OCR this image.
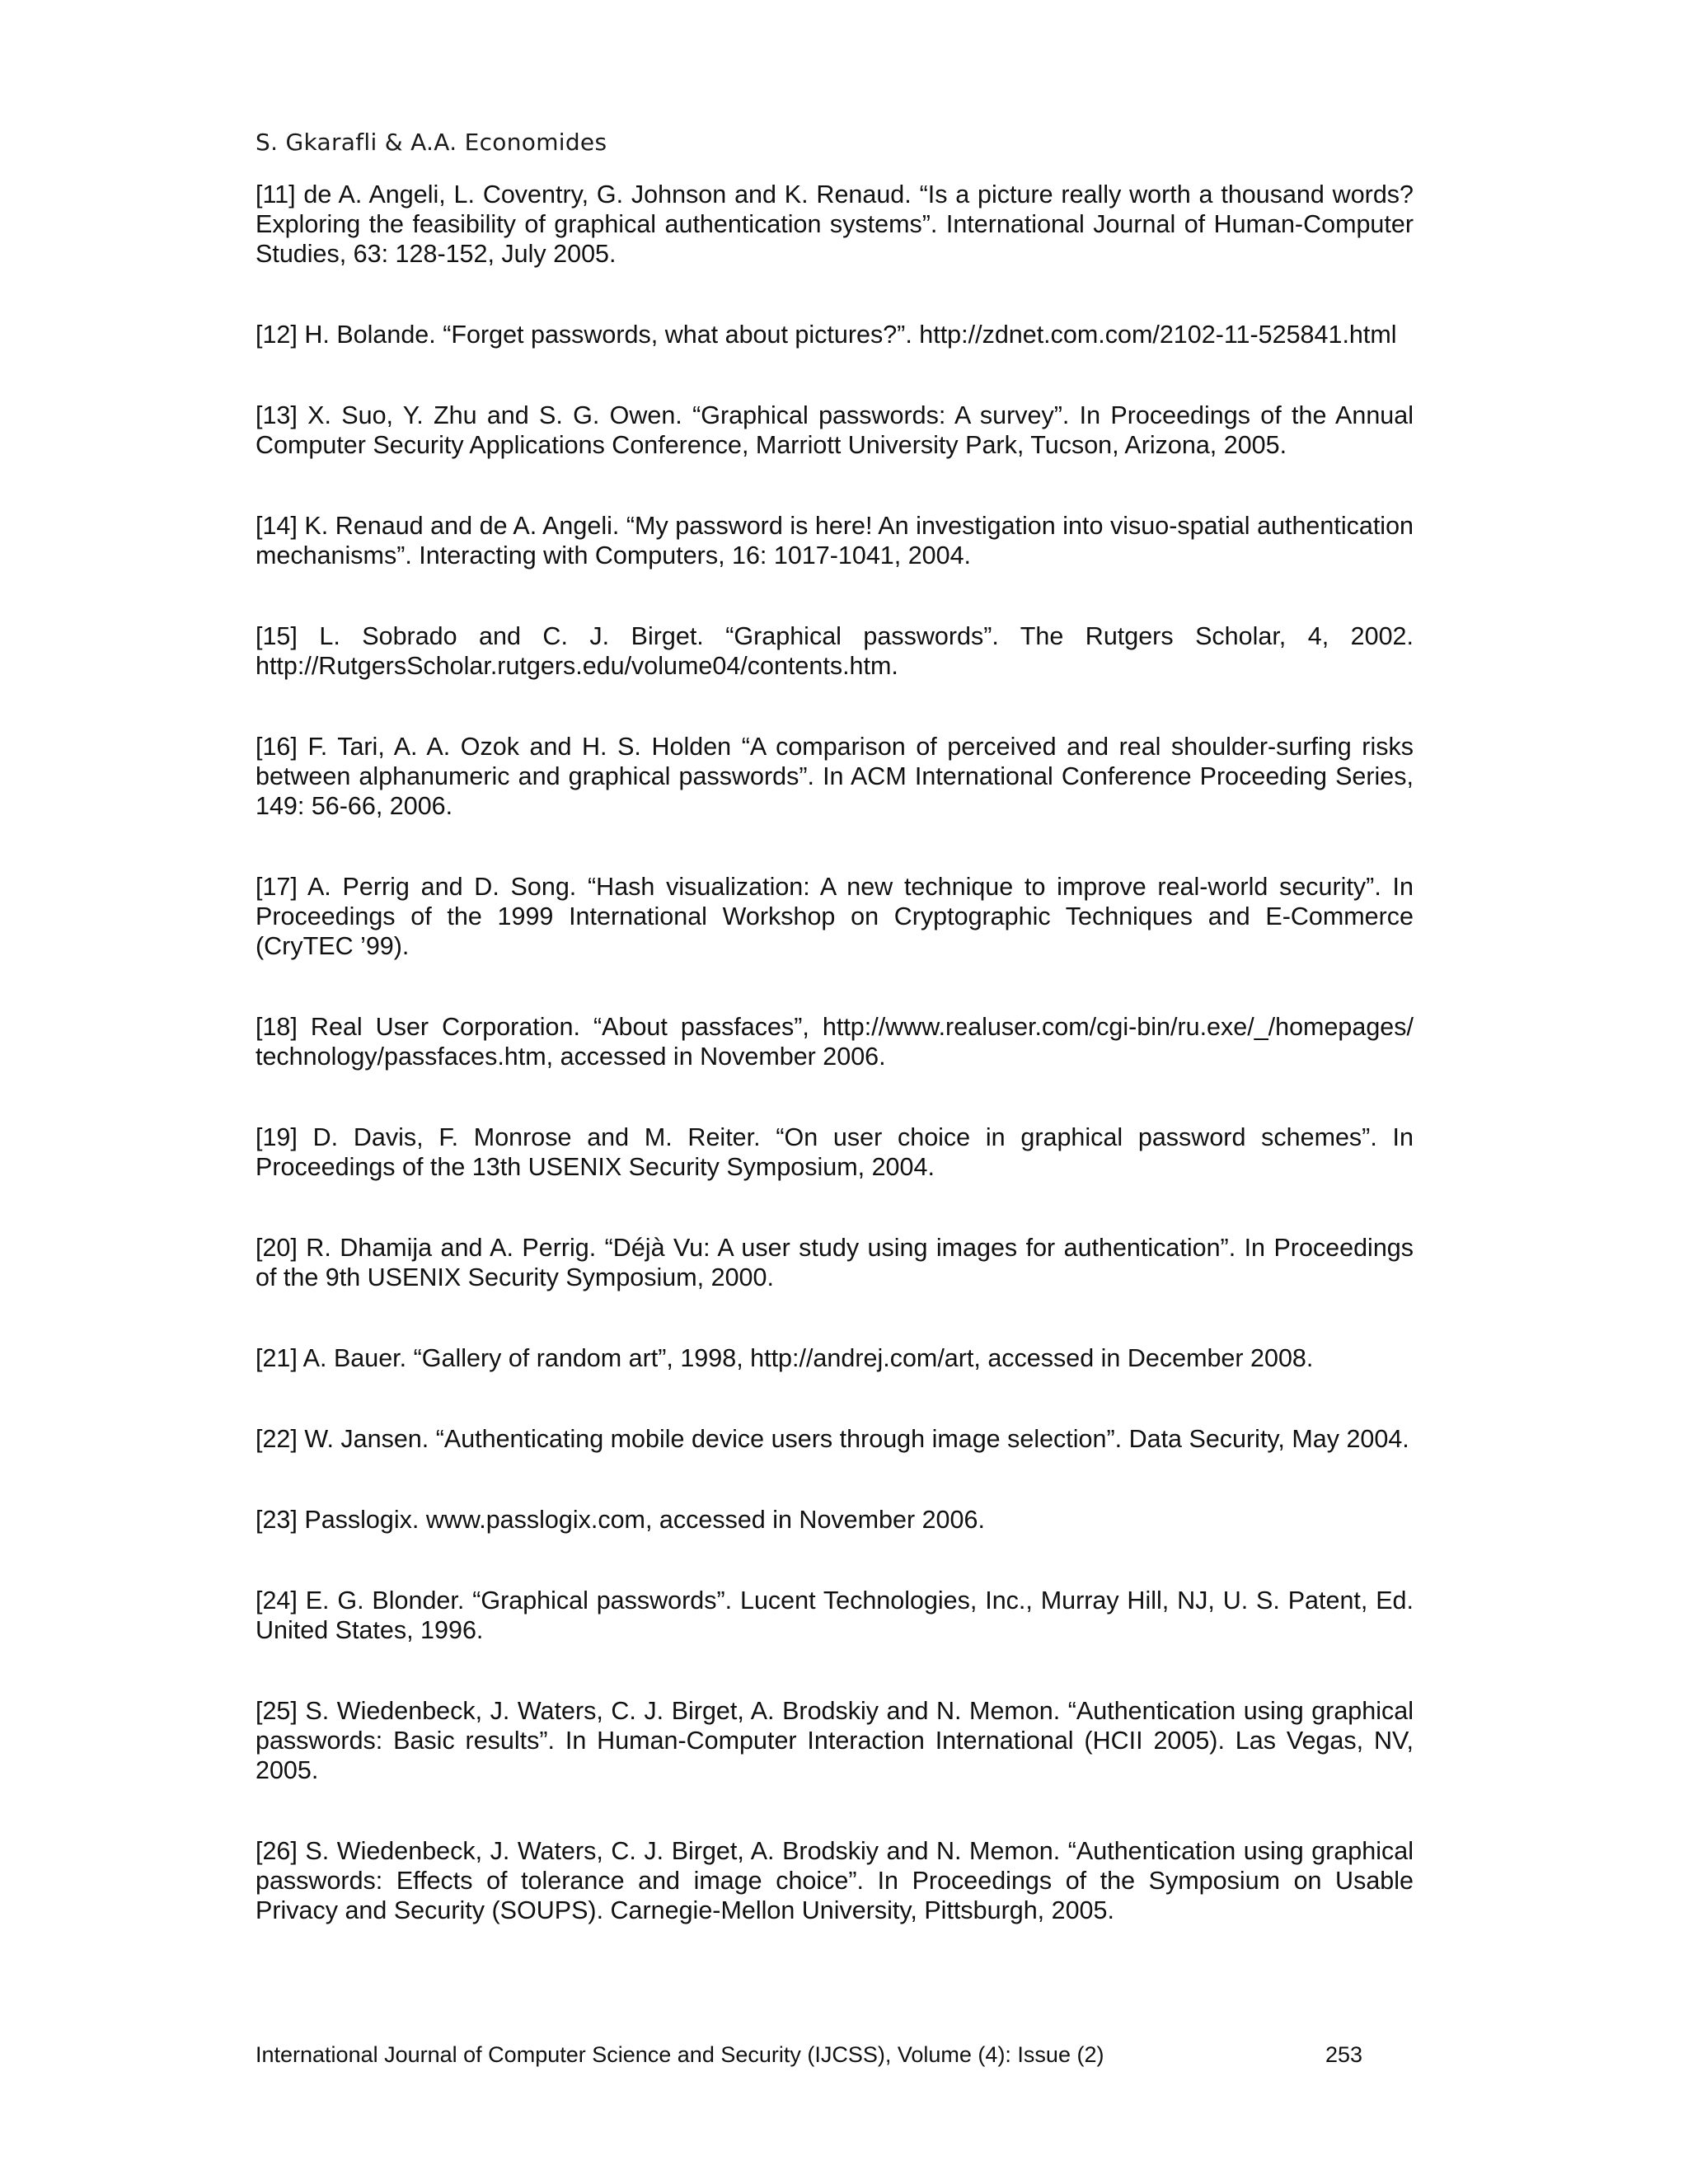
S. Gkarafli & A.A. Economides
[11] de A. Angeli, L. Coventry, G. Johnson and K. Renaud. “Is a picture really worth a thousand words? Exploring the feasibility of graphical authentication systems”. International Journal of Human-Computer Studies, 63: 128-152, July 2005.
[12] H. Bolande. “Forget passwords, what about pictures?”. http://zdnet.com.com/2102-11-525841.html
[13] X. Suo, Y. Zhu and S. G. Owen. “Graphical passwords: A survey”. In Proceedings of the Annual Computer Security Applications Conference, Marriott University Park, Tucson, Arizona, 2005.
[14] K. Renaud and de A. Angeli. “My password is here! An investigation into visuo-spatial authentication mechanisms”. Interacting with Computers, 16: 1017-1041, 2004.
[15] L. Sobrado and C. J. Birget. “Graphical passwords”. The Rutgers Scholar, 4, 2002. http://RutgersScholar.rutgers.edu/volume04/contents.htm.
[16] F. Tari, A. A. Ozok and H. S. Holden “A comparison of perceived and real shoulder-surfing risks between alphanumeric and graphical passwords”. In ACM International Conference Proceeding Series, 149: 56-66, 2006.
[17] A. Perrig and D. Song. “Hash visualization: A new technique to improve real-world security”. In Proceedings of the 1999 International Workshop on Cryptographic Techniques and E-Commerce (CryTEC ’99).
[18] Real User Corporation. “About passfaces”, http://www.realuser.com/cgi-bin/ru.exe/_/homepages/ technology/passfaces.htm, accessed in November 2006.
[19] D. Davis, F. Monrose and M. Reiter. “On user choice in graphical password schemes”. In Proceedings of the 13th USENIX Security Symposium, 2004.
[20] R. Dhamija and A. Perrig. “Déjà Vu: A user study using images for authentication”. In Proceedings of the 9th USENIX Security Symposium, 2000.
[21] A. Bauer. “Gallery of random art”, 1998, http://andrej.com/art, accessed in December 2008.
[22] W. Jansen. “Authenticating mobile device users through image selection”. Data Security, May 2004.
[23] Passlogix. www.passlogix.com, accessed in November 2006.
[24] E. G. Blonder. “Graphical passwords”. Lucent Technologies, Inc., Murray Hill, NJ, U. S. Patent, Ed. United States, 1996.
[25] S. Wiedenbeck, J. Waters, C. J. Birget, A. Brodskiy and N. Memon. “Authentication using graphical passwords: Basic results”. In Human-Computer Interaction International (HCII 2005). Las Vegas, NV, 2005.
[26] S. Wiedenbeck, J. Waters, C. J. Birget, A. Brodskiy and N. Memon. “Authentication using graphical passwords: Effects of tolerance and image choice”. In Proceedings of the Symposium on Usable Privacy and Security (SOUPS). Carnegie-Mellon University, Pittsburgh, 2005.
International Journal of Computer Science and Security (IJCSS), Volume (4): Issue (2)	253
